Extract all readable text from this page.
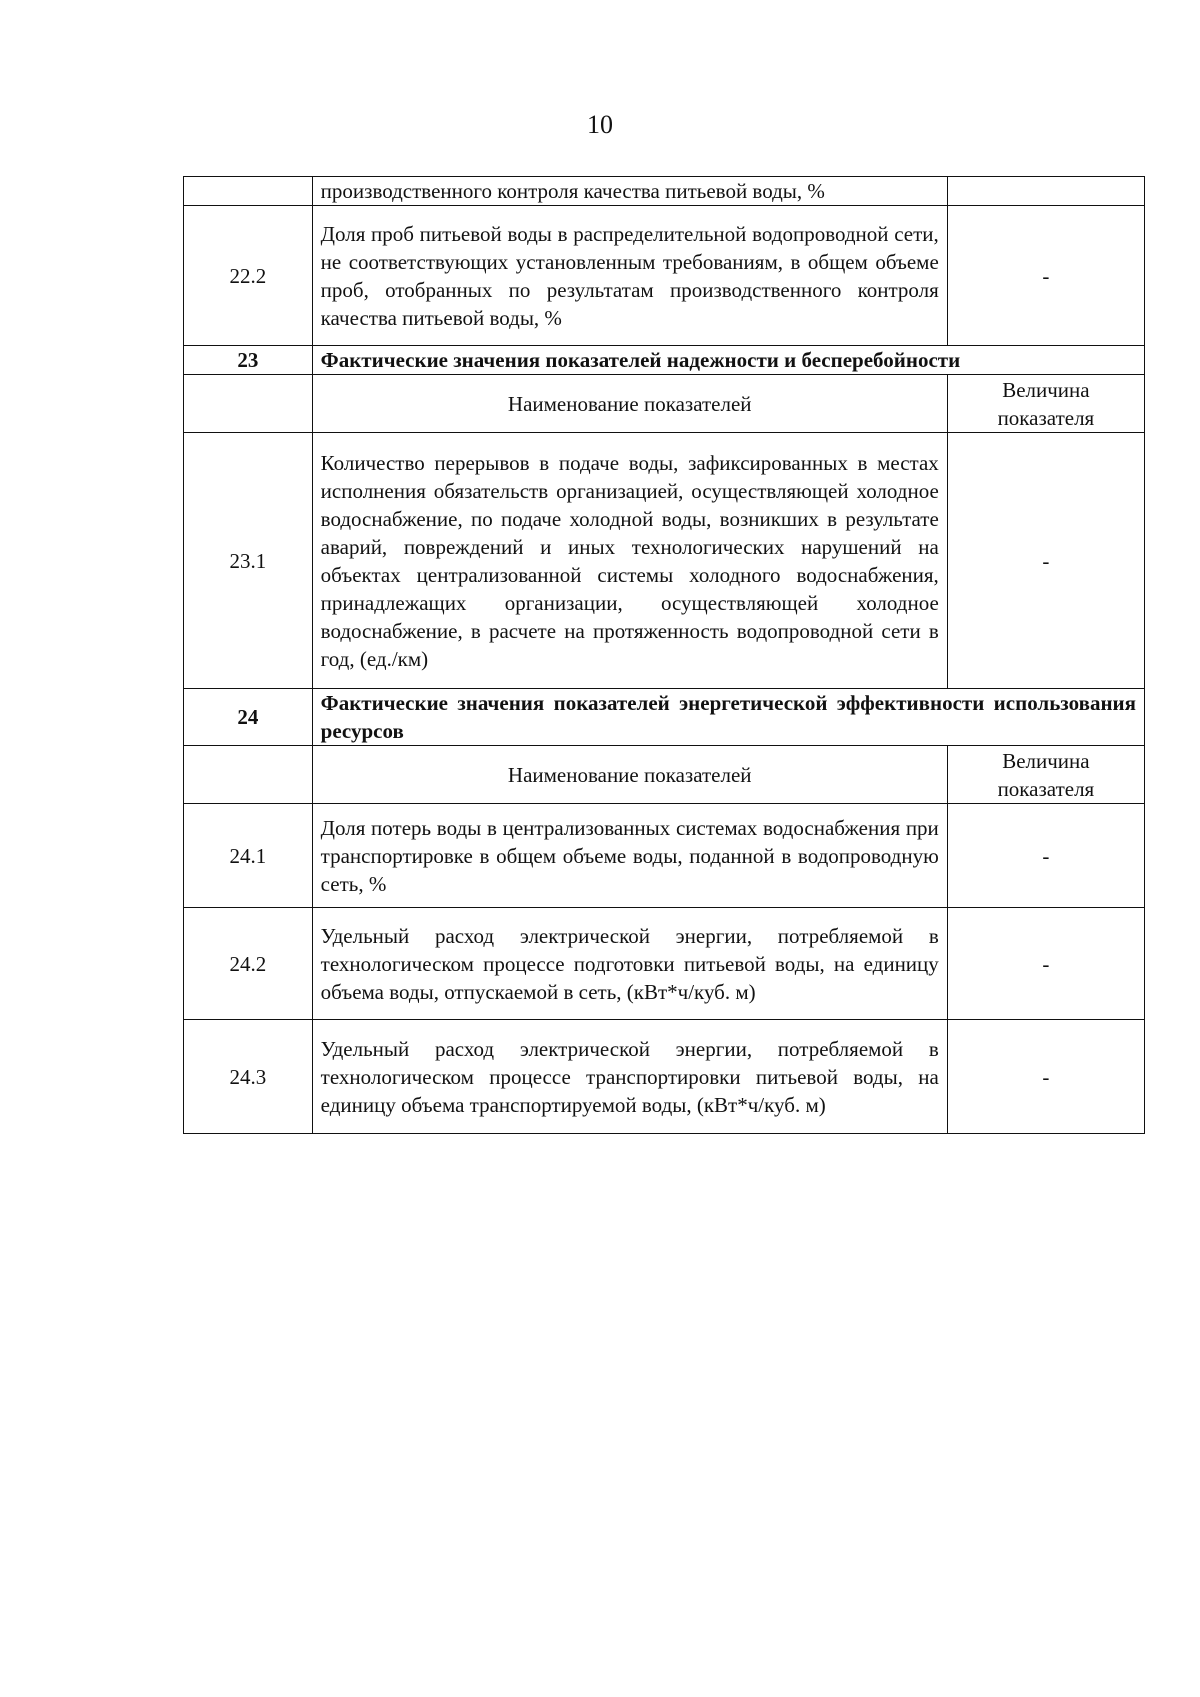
10
	производственного контроля качества питьевой воды, %	
22.2	Доля проб питьевой воды в распределительной водопроводной сети, не соответствующих установленным требованиям, в общем объеме проб, отобранных по результатам производственного контроля качества питьевой воды, %	-
23	Фактические значения показателей надежности и бесперебойности	
	Наименование показателей	Величина показателя
23.1	Количество перерывов в подаче воды, зафиксированных в местах исполнения обязательств организацией, осуществляющей холодное водоснабжение, по подаче холодной воды, возникших в результате аварий, повреждений и иных технологических нарушений на объектах централизованной системы холодного водоснабжения, принадлежащих организации, осуществляющей холодное водоснабжение, в расчете на протяженность водопроводной сети в год, (ед./км)	-
24	Фактические значения показателей энергетической эффективности использования ресурсов	
	Наименование показателей	Величина показателя
24.1	Доля потерь воды в централизованных системах водоснабжения при транспортировке в общем объеме воды, поданной в водопроводную сеть, %	-
24.2	Удельный расход электрической энергии, потребляемой в технологическом процессе подготовки питьевой воды, на единицу объема воды, отпускаемой в сеть, (кВт*ч/куб. м)	-
24.3	Удельный расход электрической энергии, потребляемой в технологическом процессе транспортировки питьевой воды, на единицу объема транспортируемой воды, (кВт*ч/куб. м)	-
